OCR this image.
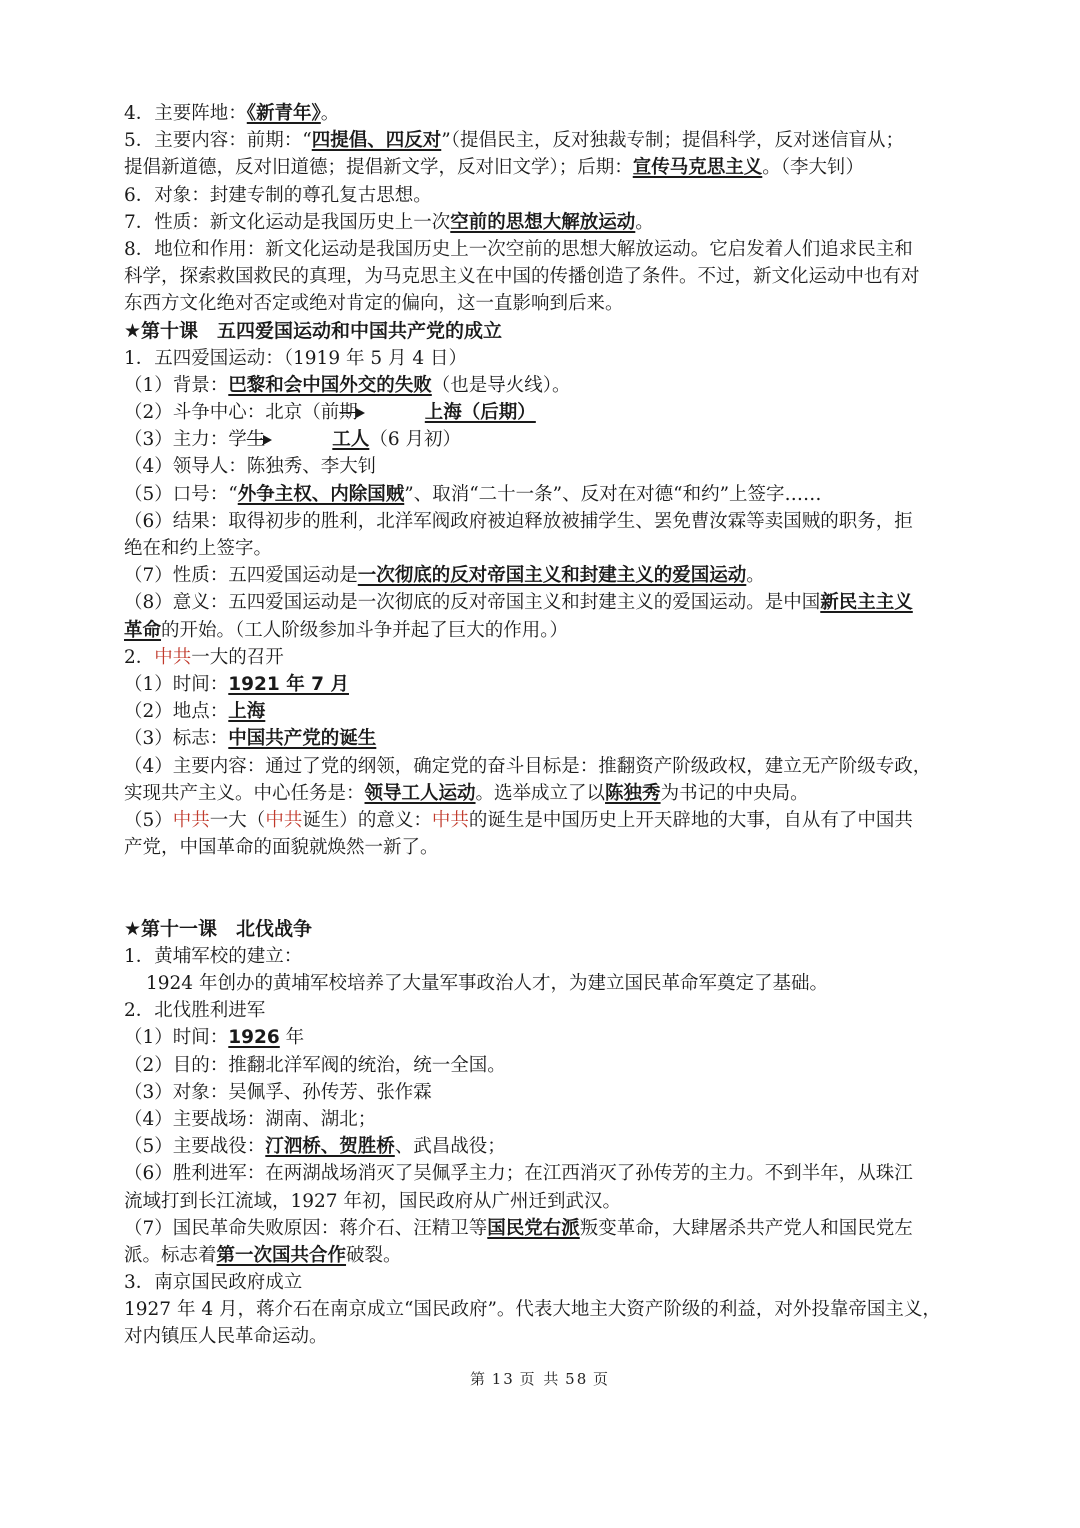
4．主要阵地：《新青年》。
5．主要内容：前期：“四提倡、四反对”（提倡民主，反对独裁专制；提倡科学，反对迷信盲从；
提倡新道德，反对旧道德；提倡新文学，反对旧文学）；后期：宣传马克思主义。（李大钊）
6．对象：封建专制的尊孔复古思想。
7．性质：新文化运动是我国历史上一次空前的思想大解放运动。
8．地位和作用：新文化运动是我国历史上一次空前的思想大解放运动。它启发着人们追求民主和
科学，探索救国救民的真理，为马克思主义在中国的传播创造了条件。不过，新文化运动中也有对
东西方文化绝对否定或绝对肯定的偏向，这一直影响到后来。
★第十课　五四爱国运动和中国共产党的成立
1．五四爱国运动：（1919 年 5 月 4 日）
（1）背景：巴黎和会中国外交的失败（也是导火线）。
（2）斗争中心：北京（前期	上海（后期）
（3）主力：学生	工人（6 月初）
（4）领导人：陈独秀、李大钊
（5）口号：“外争主权、内除国贼”、取消“二十一条”、反对在对德“和约”上签字……
（6）结果：取得初步的胜利，北洋军阀政府被迫释放被捕学生、罢免曹汝霖等卖国贼的职务，拒
绝在和约上签字。
（7）性质：五四爱国运动是一次彻底的反对帝国主义和封建主义的爱国运动。
（8）意义：五四爱国运动是一次彻底的反对帝国主义和封建主义的爱国运动。是中国新民主主义
革命的开始。（工人阶级参加斗争并起了巨大的作用。）
2．中共一大的召开
（1）时间：1921 年 7 月
（2）地点：上海
（3）标志：中国共产党的诞生
（4）主要内容：通过了党的纲领，确定党的奋斗目标是：推翻资产阶级政权，建立无产阶级专政，
实现共产主义。中心任务是：领导工人运动。选举成立了以陈独秀为书记的中央局。
（5）中共一大（中共诞生）的意义：中共的诞生是中国历史上开天辟地的大事，自从有了中国共
产党，中国革命的面貌就焕然一新了。
★第十一课　北伐战争
1．黄埔军校的建立：
1924 年创办的黄埔军校培养了大量军事政治人才，为建立国民革命军奠定了基础。
2．北伐胜利进军
（1）时间：1926 年
（2）目的：推翻北洋军阀的统治，统一全国。
（3）对象：吴佩孚、孙传芳、张作霖
（4）主要战场：湖南、湖北；
（5）主要战役：汀泗桥、贺胜桥、武昌战役；
（6）胜利进军：在两湖战场消灭了吴佩孚主力；在江西消灭了孙传芳的主力。不到半年，从珠江
流域打到长江流域，1927 年初，国民政府从广州迁到武汉。
（7）国民革命失败原因：蒋介石、汪精卫等国民党右派叛变革命，大肆屠杀共产党人和国民党左
派。标志着第一次国共合作破裂。
3．南京国民政府成立
1927 年 4 月，蒋介石在南京成立“国民政府”。代表大地主大资产阶级的利益，对外投靠帝国主义，
对内镇压人民革命运动。
第 13 页 共 58 页
